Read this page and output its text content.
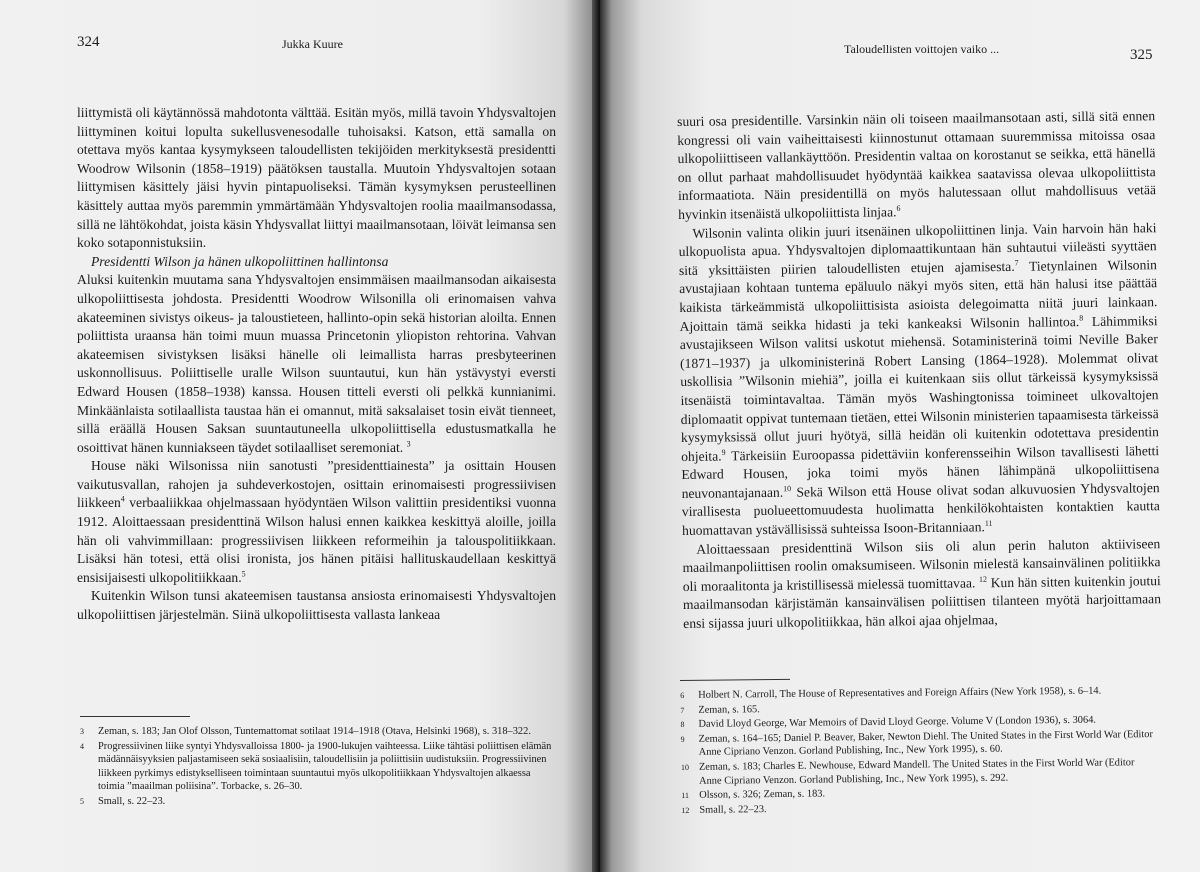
324	Jukka Kuure

liittymistä oli käytännössä mahdotonta välttää. Esitän myös, millä tavoin Yhdysvaltojen liittyminen koitui lopulta sukellusvenesodalle tuhoisaksi. Katson, että samalla on otettava myös kantaa kysymykseen taloudellisten tekijöiden merkityksestä presidentti Woodrow Wilsonin (1858–1919) päätöksen taustalla. Muutoin Yhdysvaltojen sotaan liittymisen käsittely jäisi hyvin pintapuoliseksi. Tämän kysymyksen perusteellinen käsittely auttaa myös paremmin ymmärtämään Yhdysvaltojen roolia maailmansodassa, sillä ne lähtökohdat, joista käsin Yhdysvallat liittyi maailmansotaan, löivät leimansa sen koko sotaponnistuksiin.

Presidentti Wilson ja hänen ulkopoliittinen hallintonsa

Aluksi kuitenkin muutama sana Yhdysvaltojen ensimmäisen maailmansodan aikaisesta ulkopoliittisesta johdosta. Presidentti Woodrow Wilsonilla oli erinomaisen vahva akateeminen sivistys oikeus- ja taloustieteen, hallinto-opin sekä historian aloilta. Ennen poliittista uraansa hän toimi muun muassa Princetonin yliopiston rehtorina. Vahvan akateemisen sivistyksen lisäksi hänelle oli leimallista harras presbyteerinen uskonnollisuus. Poliittiselle uralle Wilson suuntautui, kun hän ystävystyi eversti Edward Housen (1858–1938) kanssa. Housen titteli eversti oli pelkkä kunnianimi. Minkäänlaista sotilaallista taustaa hän ei omannut, mitä saksalaiset tosin eivät tienneet, sillä eräällä Housen Saksan suuntautuneella ulkopoliittisella edustusmatkalla he osoittivat hänen kunniakseen täydet sotilaalliset seremoniat. $^3$

House näki Wilsonissa niin sanotusti ”presidenttiainesta” ja osittain Housen vaikutusvallan, rahojen ja suhdeverkostojen, osittain erinomaisesti progressiivisen liikkeen$^4$ verbaaliikkaa ohjelmassaan hyödyntäen Wilson valittiin presidentiksi vuonna 1912. Aloittaessaan presidenttinä Wilson halusi ennen kaikkea keskittyä aloille, joilla hän oli vahvimmillaan: progressiivisen liikkeen reformeihin ja talouspolitiikkaan. Lisäksi hän totesi, että olisi ironista, jos hänen pitäisi hallituskaudellaan keskittyä ensisijaisesti ulkopolitiikkaan.$^5$

Kuitenkin Wilson tunsi akateemisen taustansa ansiosta erinomaisesti Yhdysvaltojen ulkopoliittisen järjestelmän. Siinä ulkopoliittisesta vallasta lankeaa

3	Zeman, s. 183; Jan Olof Olsson, Tuntemattomat sotilaat 1914–1918 (Otava, Helsinki 1968), s. 318–322.
4	Progressiivinen liike syntyi Yhdysvalloissa 1800- ja 1900-lukujen vaihteessa. Liike tähtäsi poliittisen elämän mädännäisyyksien paljastamiseen sekä sosiaalisiin, taloudellisiin ja poliittisiin uudistuksiin. Progressiivinen liikkeen pyrkimys edistykselliseen toimintaan suuntautui myös ulkopolitiikkaan Yhdysvaltojen alkaessa toimia ”maailman poliisina”. Torbacke, s. 26–30.
5	Small, s. 22–23.
Taloudellisten voittojen vaiko ...	325

suuri osa presidentille. Varsinkin näin oli toiseen maailmansotaan asti, sillä sitä ennen kongressi oli vain vaiheittaisesti kiinnostunut ottamaan suuremmissa mitoissa osaa ulkopoliittiseen vallankäyttöön. Presidentin valtaa on korostanut se seikka, että hänellä on ollut parhaat mahdollisuudet hyödyntää kaikkea saatavissa olevaa ulkopoliittista informaatiota. Näin presidentillä on myös halutessaan ollut mahdollisuus vetää hyvinkin itsenäistä ulkopoliittista linjaa.$^6$

Wilsonin valinta olikin juuri itsenäinen ulkopoliittinen linja. Vain harvoin hän haki ulkopuolista apua. Yhdysvaltojen diplomaattikuntaan hän suhtautui viileästi syyttäen sitä yksittäisten piirien taloudellisten etujen ajamisesta.$^7$ Tietynlainen Wilsonin avustajiaan kohtaan tuntema epäluulo näkyi myös siten, että hän halusi itse päättää kaikista tärkeämmistä ulkopoliittisista asioista delegoimatta niitä juuri lainkaan. Ajoittain tämä seikka hidasti ja teki kankeaksi Wilsonin hallintoa.$^8$ Lähimmiksi avustajikseen Wilson valitsi uskotut miehensä. Sotaministerinä toimi Neville Baker (1871–1937) ja ulkoministerinä Robert Lansing (1864–1928). Molemmat olivat uskollisia ”Wilsonin miehiä”, joilla ei kuitenkaan siis ollut tärkeissä kysymyksissä itsenäistä toimintavaltaa. Tämän myös Washingtonissa toimineet ulkovaltojen diplomaatit oppivat tuntemaan tietäen, ettei Wilsonin ministerien tapaamisesta tärkeissä kysymyksissä ollut juuri hyötyä, sillä heidän oli kuitenkin odotettava presidentin ohjeita.$^9$ Tärkeisiin Euroopassa pidettäviin konferensseihin Wilson tavallisesti lähetti Edward Housen, joka toimi myös hänen lähimpänä ulkopoliittisena neuvonantajanaan.$^{10}$ Sekä Wilson että House olivat sodan alkuvuosien Yhdysvaltojen virallisesta puolueettomuudesta huolimatta henkilökohtaisten kontaktien kautta huomattavan ystävällisissä suhteissa Isoon-Britanniaan.$^{11}$

Aloittaessaan presidenttinä Wilson siis oli alun perin haluton aktiiviseen maailmanpoliittisen roolin omaksumiseen. Wilsonin mielestä kansainvälinen politiikka oli moraalitonta ja kristillisessä mielessä tuomittavaa. $^{12}$ Kun hän sitten kuitenkin joutui maailmansodan kärjistämän kansainvälisen poliittisen tilanteen myötä harjoittamaan ensi sijassa juuri ulkopolitiikkaa, hän alkoi ajaa ohjelmaa,

6	Holbert N. Carroll, The House of Representatives and Foreign Affairs (New York 1958), s. 6–14.
7	Zeman, s. 165.
8	David Lloyd George, War Memoirs of David Lloyd George. Volume V (London 1936), s. 3064.
9	Zeman, s. 164–165; Daniel P. Beaver, Baker, Newton Diehl. The United States in the First World War (Editor Anne Cipriano Venzon. Gorland Publishing, Inc., New York 1995), s. 60.
10 Zeman, s. 183; Charles E. Newhouse, Edward Mandell. The United States in the First World War (Editor Anne Cipriano Venzon. Gorland Publishing, Inc., New York 1995), s. 292.
11 Olsson, s. 326; Zeman, s. 183.
12 Small, s. 22–23.
